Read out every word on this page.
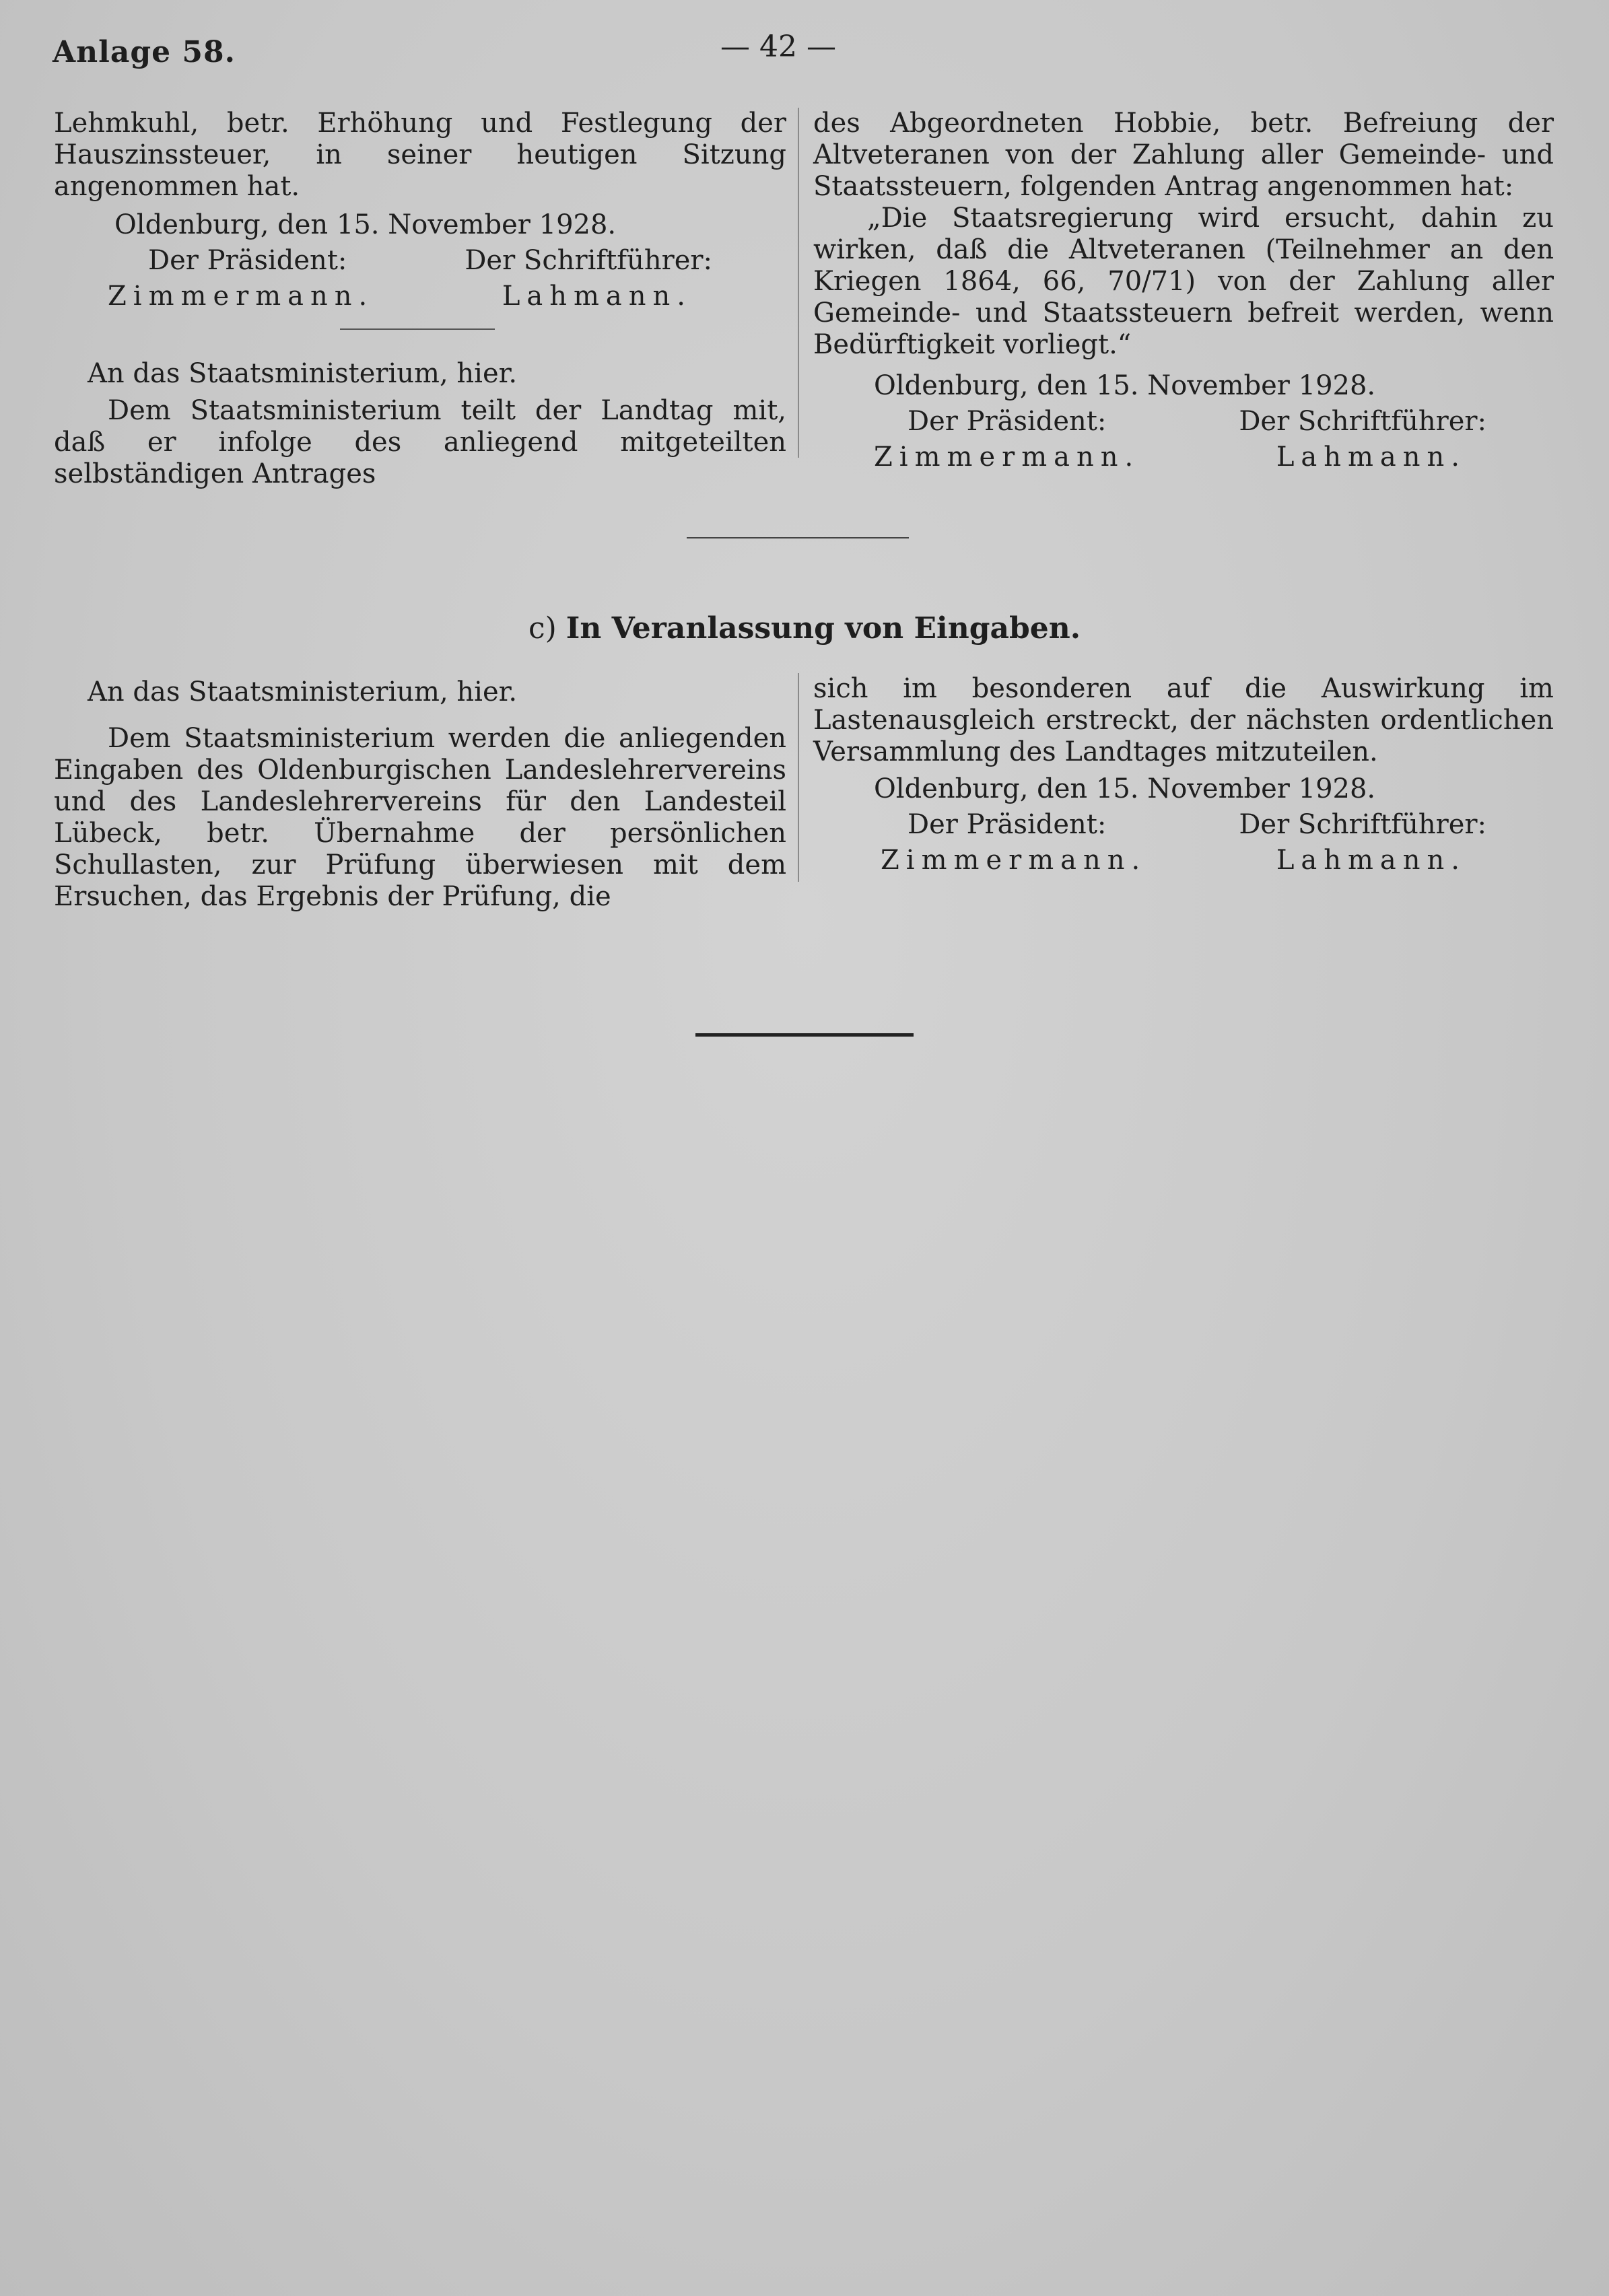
Anlage 58.	— 42 —

Lehmkuhl, betr. Erhöhung und Festlegung der Hauszinssteuer, in seiner heutigen Sitzung angenommen hat.

Oldenburg, den 15. November 1928.

Der Präsident:	Der Schriftführer:
Zimmermann.	Lahmann.

An das Staatsministerium, hier.

Dem Staatsministerium teilt der Landtag mit, daß er infolge des anliegend mitgeteilten selbständigen Antrages

des Abgeordneten Hobbie, betr. Befreiung der Altveteranen von der Zahlung aller Gemeinde- und Staatssteuern, folgenden Antrag angenommen hat:

„Die Staatsregierung wird ersucht, dahin zu wirken, daß die Altveteranen (Teilnehmer an den Kriegen 1864, 66, 70/71) von der Zahlung aller Gemeinde- und Staatssteuern befreit werden, wenn Bedürftigkeit vorliegt.“

Oldenburg, den 15. November 1928.

Der Präsident:	Der Schriftführer:
Zimmermann.	Lahmann.
c) In Veranlassung von Eingaben.

An das Staatsministerium, hier.

Dem Staatsministerium werden die anliegenden Eingaben des Oldenburgischen Landeslehrervereins und des Landeslehrervereins für den Landesteil Lübeck, betr. Übernahme der persönlichen Schullasten, zur Prüfung überwiesen mit dem Ersuchen, das Ergebnis der Prüfung, die

sich im besonderen auf die Auswirkung im Lastenausgleich erstreckt, der nächsten ordentlichen Versammlung des Landtages mitzuteilen.

Oldenburg, den 15. November 1928.

Der Präsident:	Der Schriftführer:
Zimmermann.	Lahmann.
